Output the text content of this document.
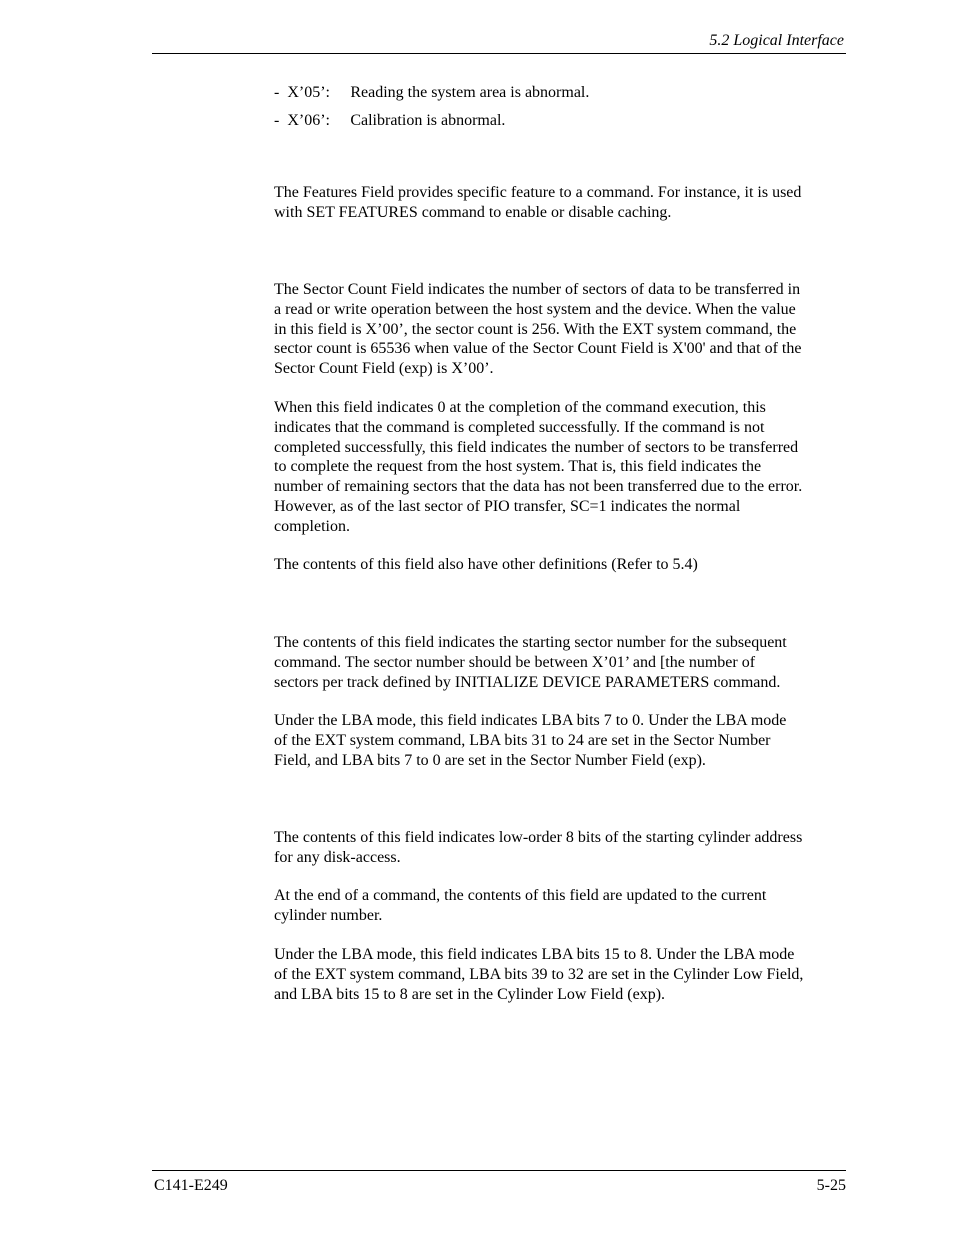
5.2 Logical Interface
- X’05’: Reading the system area is abnormal.
- X’06’: Calibration is abnormal.

The Features Field provides specific feature to a command. For instance, it is used
with SET FEATURES command to enable or disable caching.

The Sector Count Field indicates the number of sectors of data to be transferred in
a read or write operation between the host system and the device. When the value
in this field is X’00’, the sector count is 256. With the EXT system command, the
sector count is 65536 when value of the Sector Count Field is X'00' and that of the
Sector Count Field (exp) is X’00’.

When this field indicates 0 at the completion of the command execution, this
indicates that the command is completed successfully. If the command is not
completed successfully, this field indicates the number of sectors to be transferred
to complete the request from the host system. That is, this field indicates the
number of remaining sectors that the data has not been transferred due to the error.
However, as of the last sector of PIO transfer, SC=1 indicates the normal
completion.

The contents of this field also have other definitions (Refer to 5.4)

The contents of this field indicates the starting sector number for the subsequent
command. The sector number should be between X’01’ and [the number of
sectors per track defined by INITIALIZE DEVICE PARAMETERS command.

Under the LBA mode, this field indicates LBA bits 7 to 0. Under the LBA mode
of the EXT system command, LBA bits 31 to 24 are set in the Sector Number
Field, and LBA bits 7 to 0 are set in the Sector Number Field (exp).

The contents of this field indicates low-order 8 bits of the starting cylinder address
for any disk-access.

At the end of a command, the contents of this field are updated to the current
cylinder number.

Under the LBA mode, this field indicates LBA bits 15 to 8. Under the LBA mode
of the EXT system command, LBA bits 39 to 32 are set in the Cylinder Low Field,
and LBA bits 15 to 8 are set in the Cylinder Low Field (exp).

C141-E249	5-25
